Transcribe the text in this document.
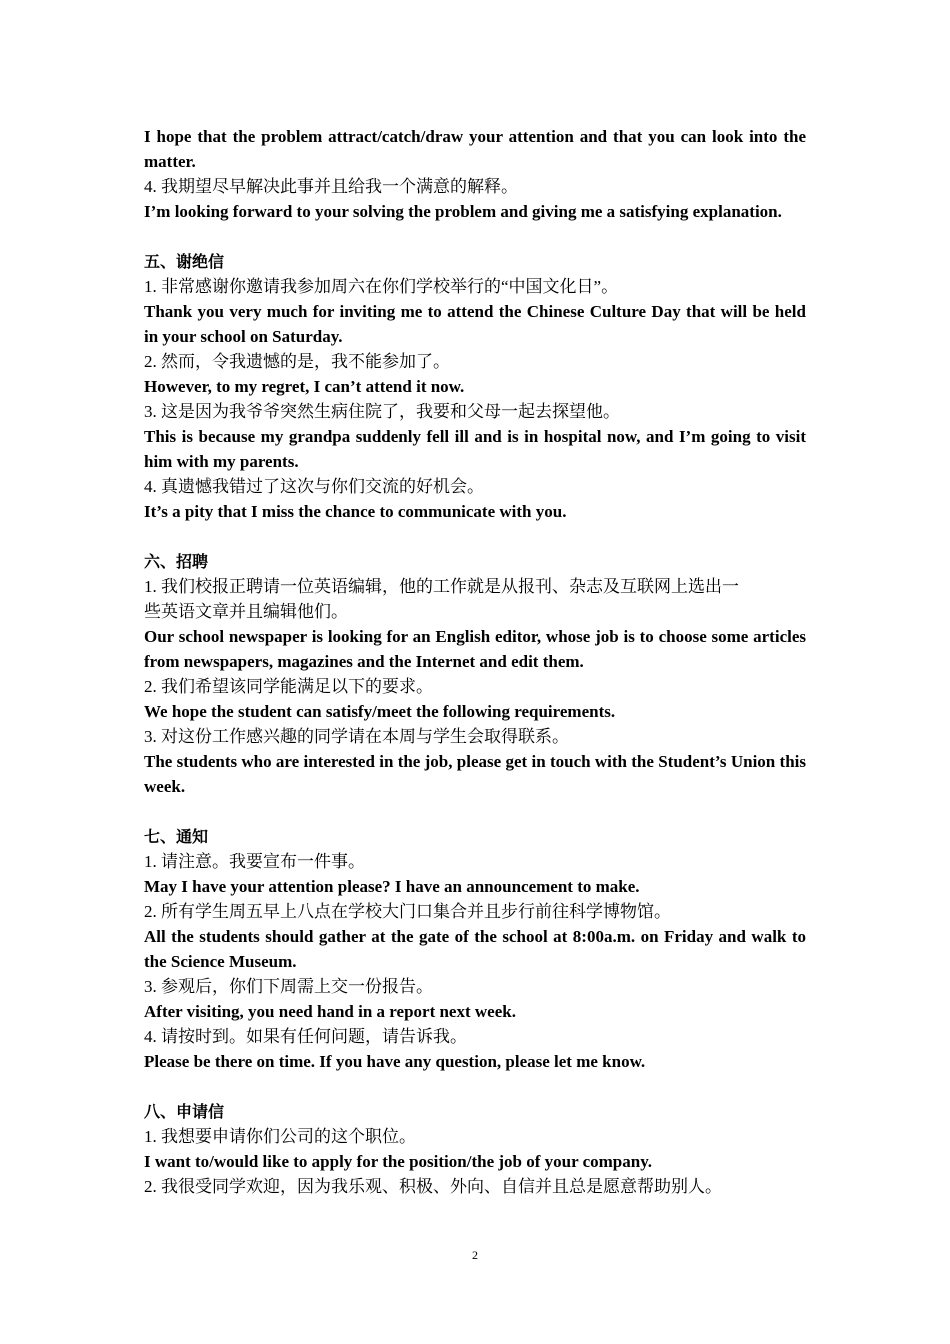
I hope that the problem attract/catch/draw your attention and that you can look into the matter.

4. 我期望尽早解决此事并且给我一个满意的解释。

I’m looking forward to your solving the problem and giving me a satisfying explanation.

五、谢绝信

1. 非常感谢你邀请我参加周六在你们学校举行的“中国文化日”。

Thank you very much for inviting me to attend the Chinese Culture Day that will be held in your school on Saturday.

2. 然而，令我遗憾的是，我不能参加了。

However, to my regret, I can’t attend it now.

3. 这是因为我爷爷突然生病住院了，我要和父母一起去探望他。

This is because my grandpa suddenly fell ill and is in hospital now, and I’m going to visit him with my parents.

4. 真遗憾我错过了这次与你们交流的好机会。

It’s a pity that I miss the chance to communicate with you.

六、招聘

1. 我们校报正聘请一位英语编辑，他的工作就是从报刊、杂志及互联网上选出一

些英语文章并且编辑他们。

Our school newspaper is looking for an English editor, whose job is to choose some articles from newspapers, magazines and the Internet and edit them.

2. 我们希望该同学能满足以下的要求。

We hope the student can satisfy/meet the following requirements.

3. 对这份工作感兴趣的同学请在本周与学生会取得联系。

The students who are interested in the job, please get in touch with the Student’s Union this week.

七、通知

1. 请注意。我要宣布一件事。

May I have your attention please? I have an announcement to make.

2. 所有学生周五早上八点在学校大门口集合并且步行前往科学博物馆。

All the students should gather at the gate of the school at 8:00a.m. on Friday and walk to the Science Museum.

3. 参观后，你们下周需上交一份报告。

After visiting, you need hand in a report next week.

4. 请按时到。如果有任何问题，请告诉我。

Please be there on time. If you have any question, please let me know.

八、申请信

1. 我想要申请你们公司的这个职位。

I want to/would like to apply for the position/the job of your company.

2. 我很受同学欢迎，因为我乐观、积极、外向、自信并且总是愿意帮助别人。

2
